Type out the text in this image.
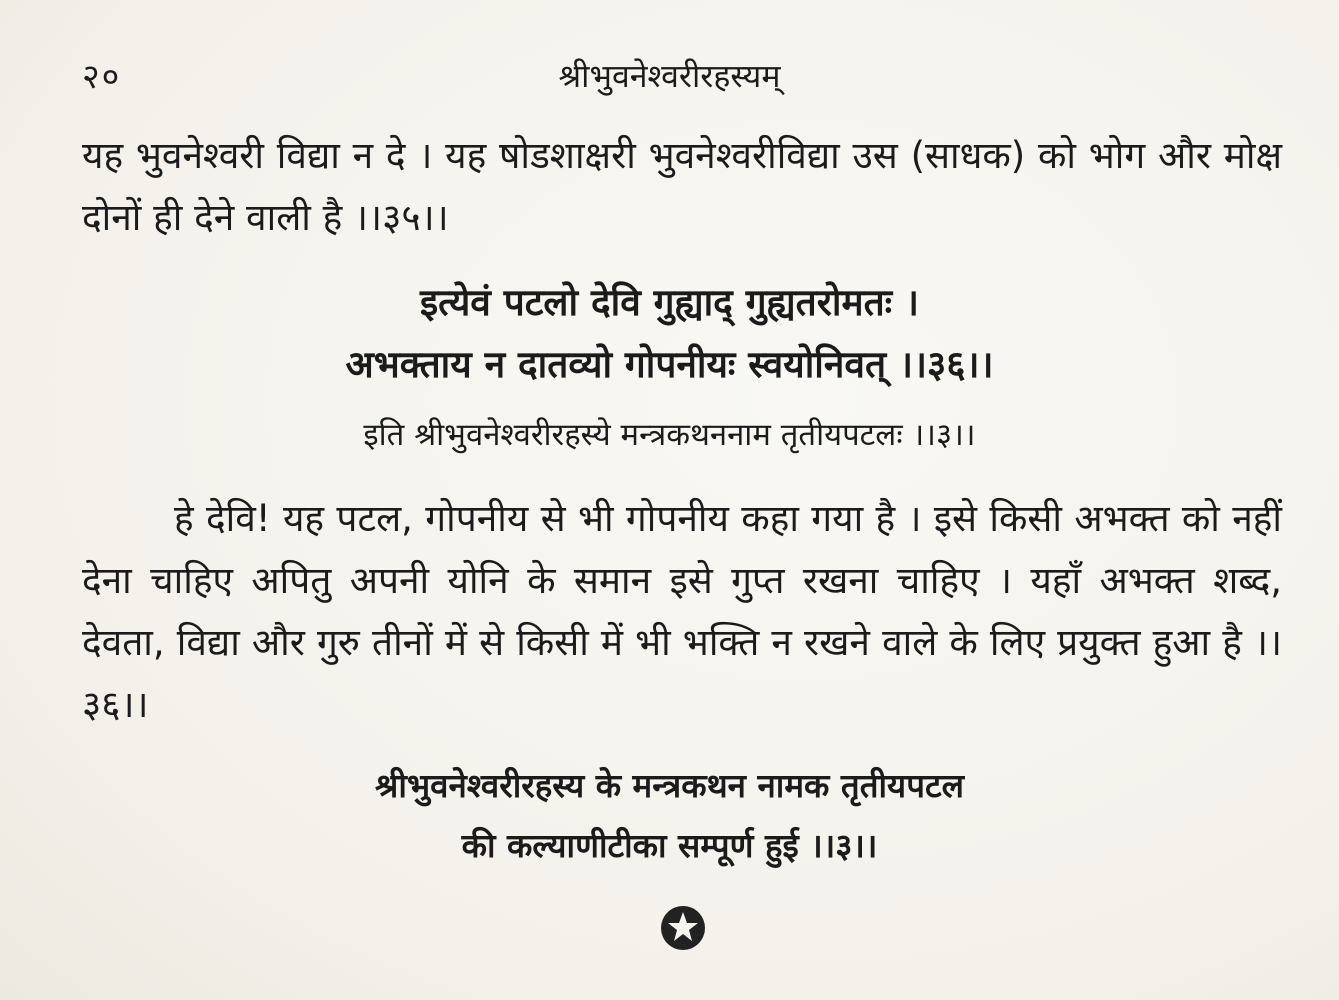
२०	श्रीभुवनेश्वरीरहस्यम्

यह भुवनेश्वरी विद्या न दे । यह षोडशाक्षरी भुवनेश्वरीविद्या उस (साधक) को भोग और मोक्ष दोनों ही देने वाली है ।।३५।।

इत्येवं पटलो देवि गुह्याद् गुह्यतरोमतः ।

अभक्ताय न दातव्यो गोपनीयः स्वयोनिवत् ।।३६।।

इति श्रीभुवनेश्वरीरहस्ये मन्त्रकथननाम तृतीयपटलः ।।३।।

हे देवि! यह पटल, गोपनीय से भी गोपनीय कहा गया है । इसे किसी अभक्त को नहीं देना चाहिए अपितु अपनी योनि के समान इसे गुप्त रखना चाहिए । यहाँ अभक्त शब्द, देवता, विद्या और गुरु तीनों में से किसी में भी भक्ति न रखने वाले के लिए प्रयुक्त हुआ है ।।३६।।

श्रीभुवनेश्वरीरहस्य के मन्त्रकथन नामक तृतीयपटल
की कल्याणीटीका सम्पूर्ण हुई ।।३।।
